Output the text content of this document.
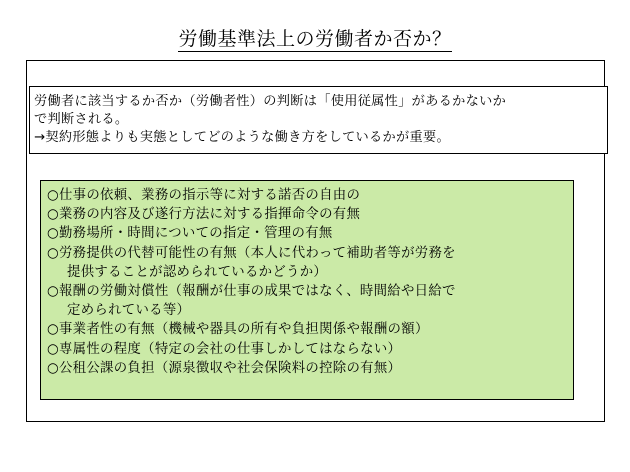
労働基準法上の労働者か否か？
労働者に該当するか否か（労働者性）の判断は「使用従属性」があるかないか
で判断される。
→契約形態よりも実態としてどのような働き方をしているかが重要。
○仕事の依頼、業務の指示等に対する諾否の自由の
○業務の内容及び遂行方法に対する指揮命令の有無
○勤務場所・時間についての指定・管理の有無
○労務提供の代替可能性の有無（本人に代わって補助者等が労務を
提供することが認められているかどうか）
○報酬の労働対償性（報酬が仕事の成果ではなく、時間給や日給で
定められている等）
○事業者性の有無（機械や器具の所有や負担関係や報酬の額）
○専属性の程度（特定の会社の仕事しかしてはならない）
○公租公課の負担（源泉徴収や社会保険料の控除の有無）
